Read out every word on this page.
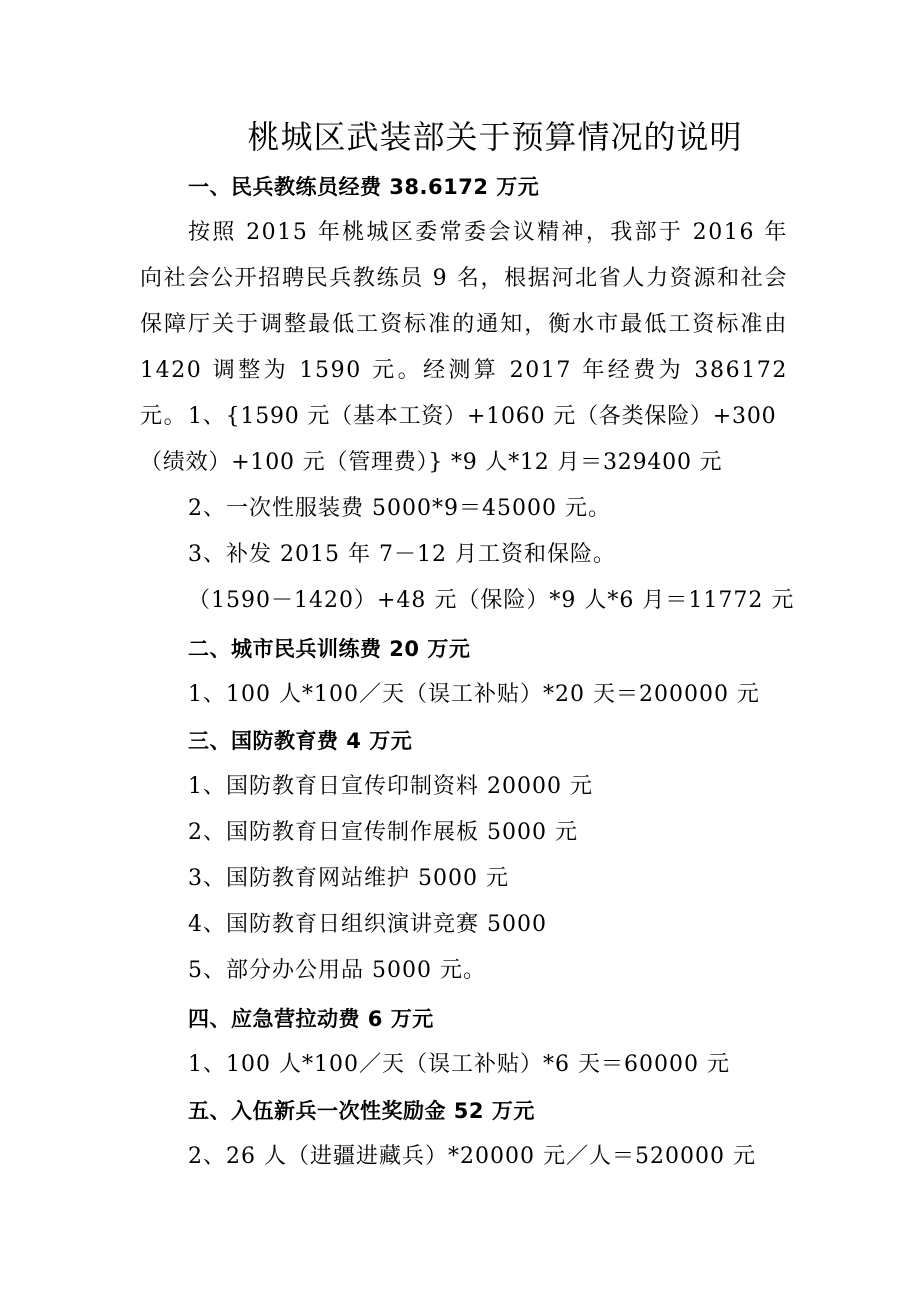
桃城区武装部关于预算情况的说明
一、民兵教练员经费 38.6172 万元
按照 2015 年桃城区委常委会议精神，我部于 2016 年向社会公开招聘民兵教练员 9 名，根据河北省人力资源和社会保障厅关于调整最低工资标准的通知，衡水市最低工资标准由 1420 调整为 1590 元。经测算 2017 年经费为 386172 元。 1、{1590 元（基本工资）+1060 元（各类保险）+300（绩效）+100 元（管理费）} *9 人*12 月＝329400 元
2、一次性服装费 5000*9＝45000 元。
3、补发 2015 年 7－12 月工资和保险。
（1590－1420）+48 元（保险）*9 人*6 月＝11772 元
二、城市民兵训练费 20 万元
1、100 人*100／天（误工补贴）*20 天＝200000 元
三、国防教育费 4 万元
1、国防教育日宣传印制资料 20000 元
2、国防教育日宣传制作展板 5000 元
3、国防教育网站维护 5000 元
4、国防教育日组织演讲竞赛 5000
5、部分办公用品 5000 元。
四、应急营拉动费 6 万元
1、100 人*100／天（误工补贴）*6 天＝60000 元
五、入伍新兵一次性奖励金 52 万元
2、26 人（进疆进藏兵）*20000 元／人＝520000 元
